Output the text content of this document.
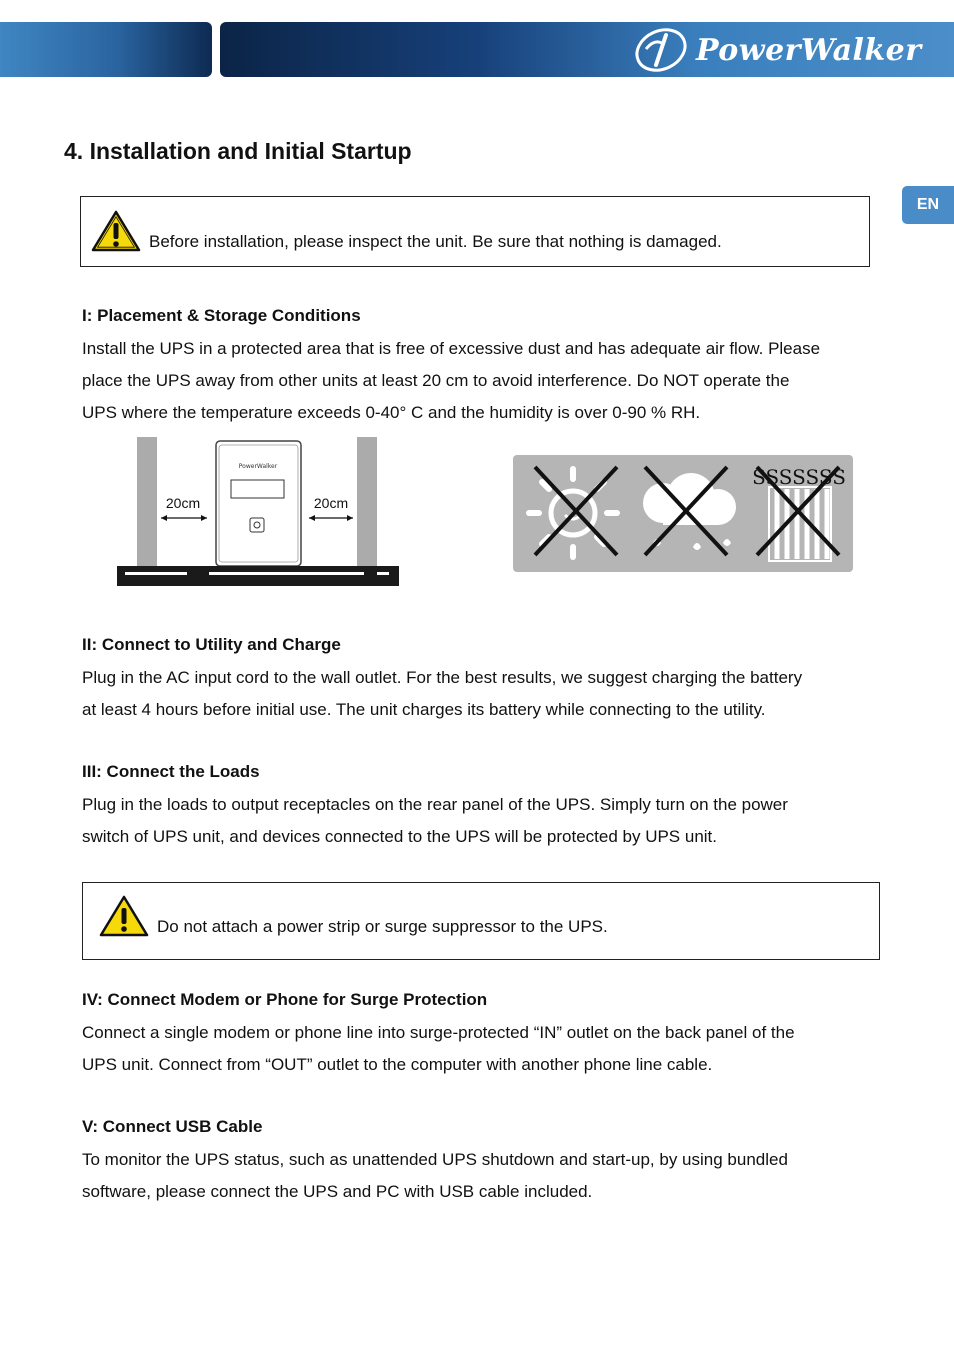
PowerWalker
EN
4. Installation and Initial Startup
Before installation, please inspect the unit. Be sure that nothing is damaged.
I: Placement & Storage Conditions
Install the UPS in a protected area that is free of excessive dust and has adequate air flow. Please
place the UPS away from other units at least 20 cm to avoid interference. Do NOT operate the
UPS where the temperature exceeds 0-40° C and the humidity is over 0-90 % RH.
PowerWalker
20cm	20cm
SSSSSSS
II: Connect to Utility and Charge
Plug in the AC input cord to the wall outlet. For the best results, we suggest charging the battery
at least 4 hours before initial use. The unit charges its battery while connecting to the utility.
III: Connect the Loads
Plug in the loads to output receptacles on the rear panel of the UPS. Simply turn on the power
switch of UPS unit, and devices connected to the UPS will be protected by UPS unit.
Do not attach a power strip or surge suppressor to the UPS.
IV: Connect Modem or Phone for Surge Protection
Connect a single modem or phone line into surge-protected “IN” outlet on the back panel of the
UPS unit. Connect from “OUT” outlet to the computer with another phone line cable.
V: Connect USB Cable
To monitor the UPS status, such as unattended UPS shutdown and start-up, by using bundled
software, please connect the UPS and PC with USB cable included.
